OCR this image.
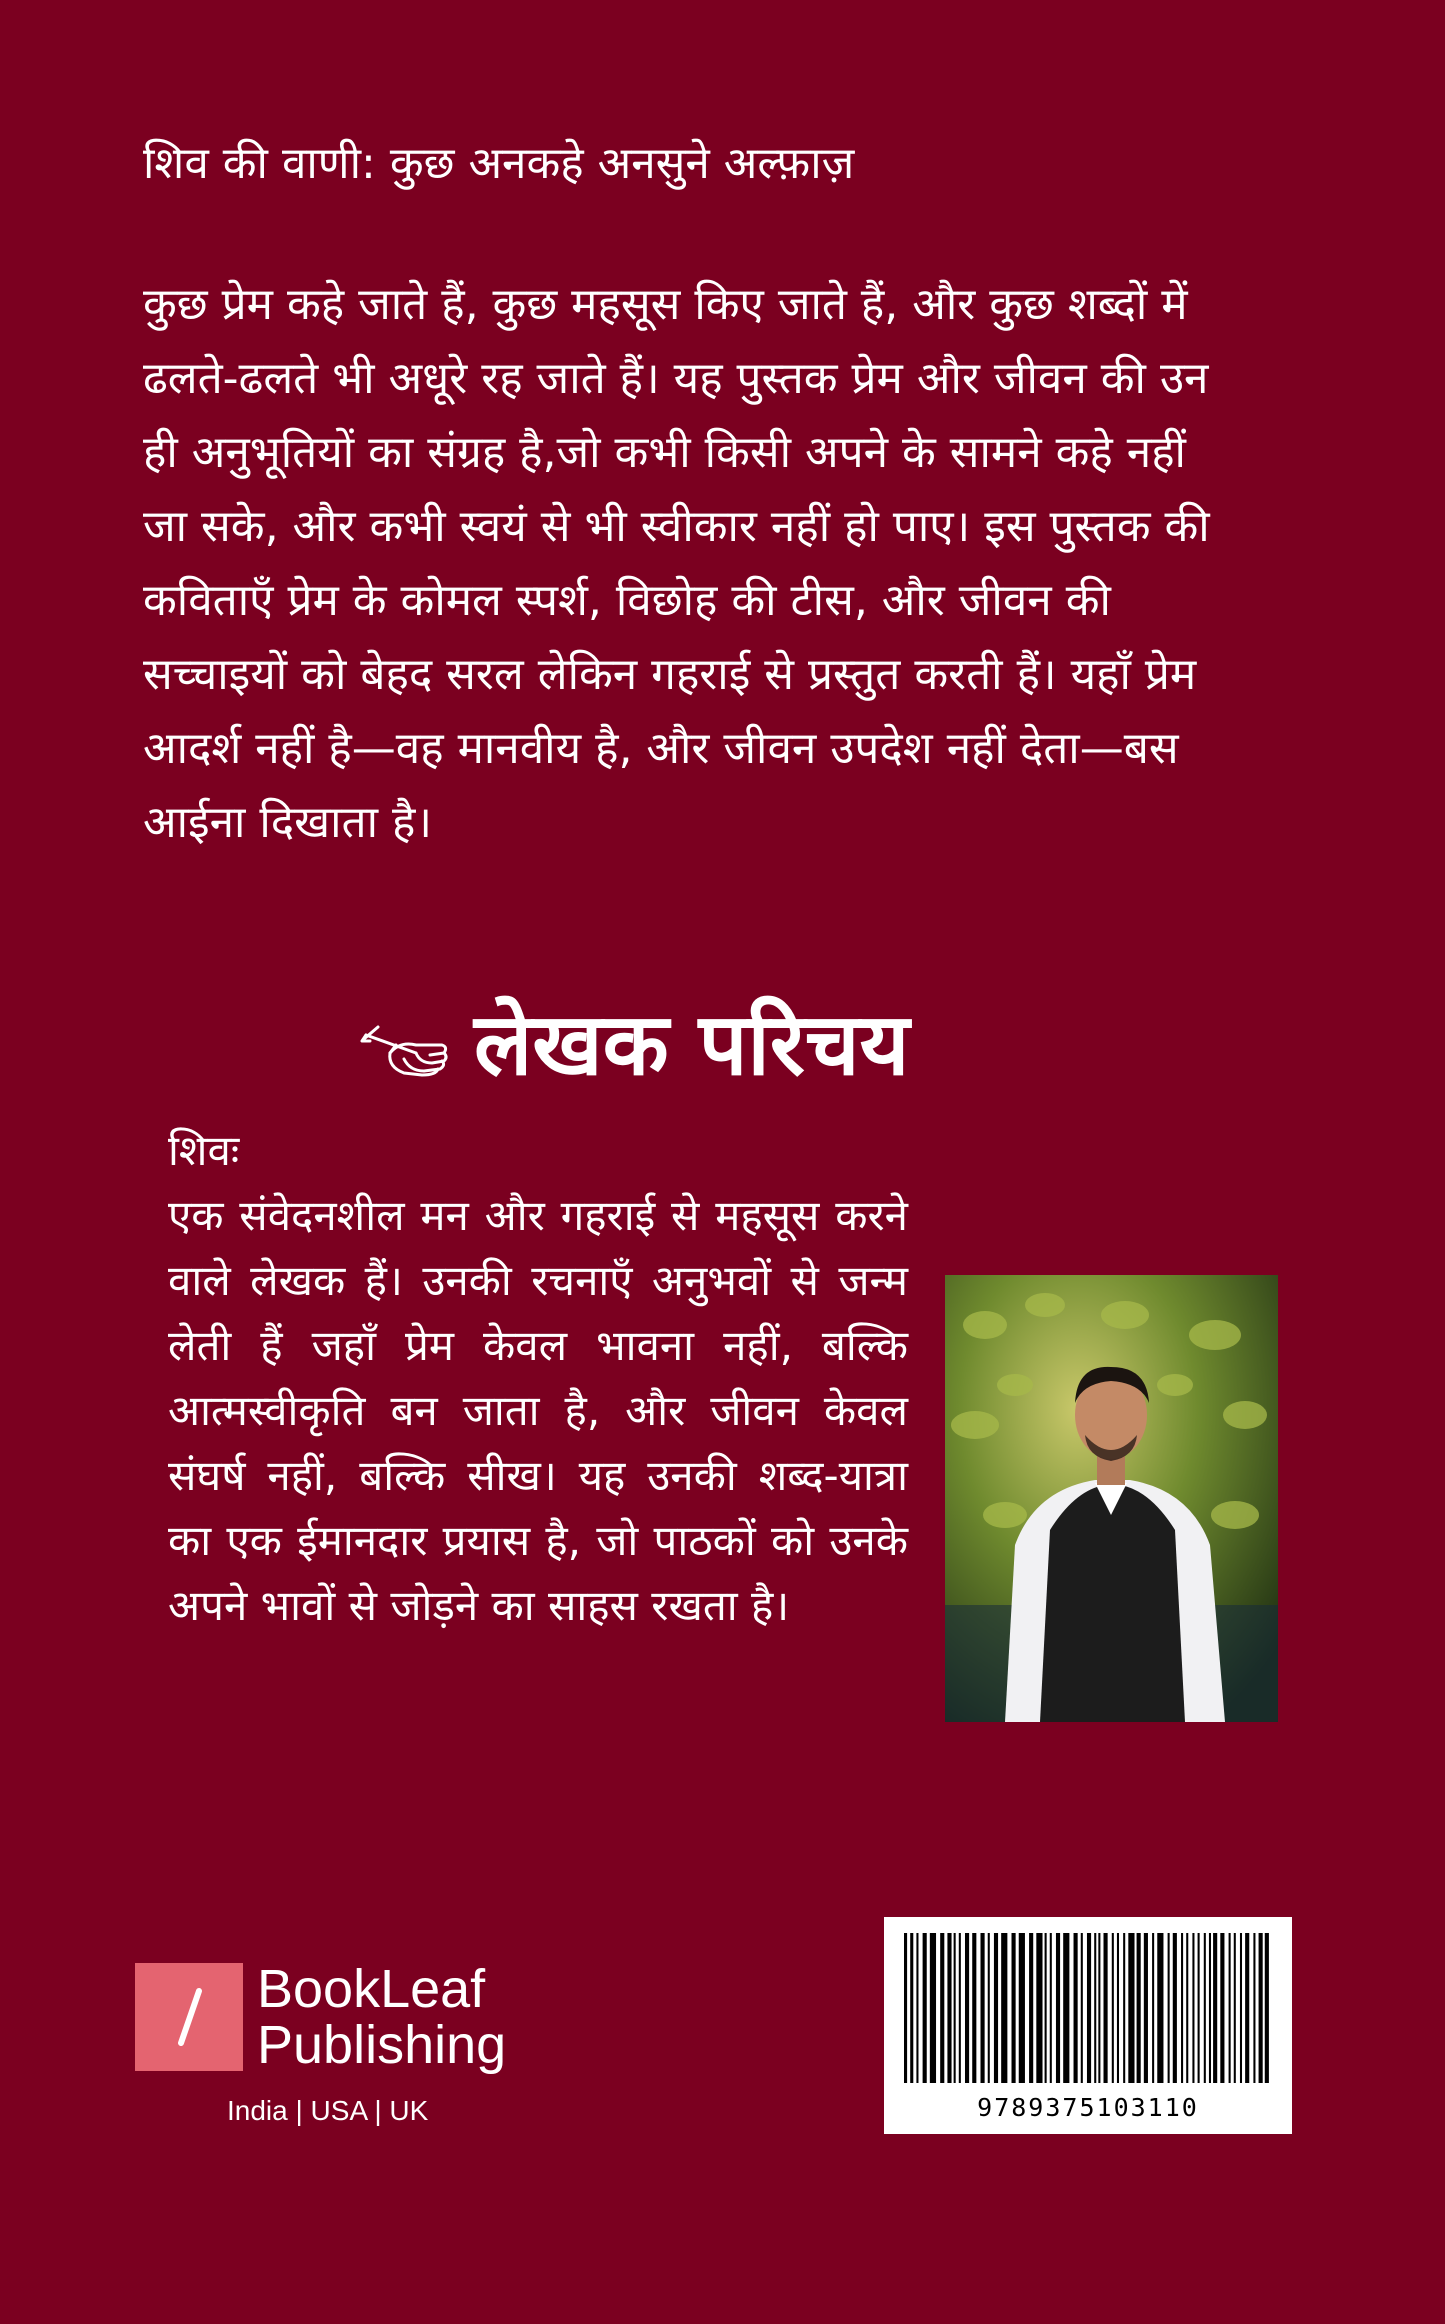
शिव की वाणी: कुछ अनकहे अनसुने अल्फ़ाज़
कुछ प्रेम कहे जाते हैं, कुछ महसूस किए जाते हैं, और कुछ शब्दों में ढलते-ढलते भी अधूरे रह जाते हैं। यह पुस्तक प्रेम और जीवन की उन ही अनुभूतियों का संग्रह है,जो कभी किसी अपने के सामने कहे नहीं जा सके, और कभी स्वयं से भी स्वीकार नहीं हो पाए। इस पुस्तक की कविताएँ प्रेम के कोमल स्पर्श, विछोह की टीस, और जीवन की सच्चाइयों को बेहद सरल लेकिन गहराई से प्रस्तुत करती हैं। यहाँ प्रेम आदर्श नहीं है—वह मानवीय है, और जीवन उपदेश नहीं देता—बस आईना दिखाता है।
लेखक परिचय
शिवः
एक संवेदनशील मन और गहराई से महसूस करने वाले लेखक हैं। उनकी रचनाएँ अनुभवों से जन्म लेती हैं जहाँ प्रेम केवल भावना नहीं, बल्कि आत्मस्वीकृति बन जाता है, और जीवन केवल संघर्ष नहीं, बल्कि सीख। यह उनकी शब्द-यात्रा का एक ईमानदार प्रयास है, जो पाठकों को उनके अपने भावों से जोड़ने का साहस रखता है।
BookLeaf
Publishing
India | USA | UK	9789375103110
